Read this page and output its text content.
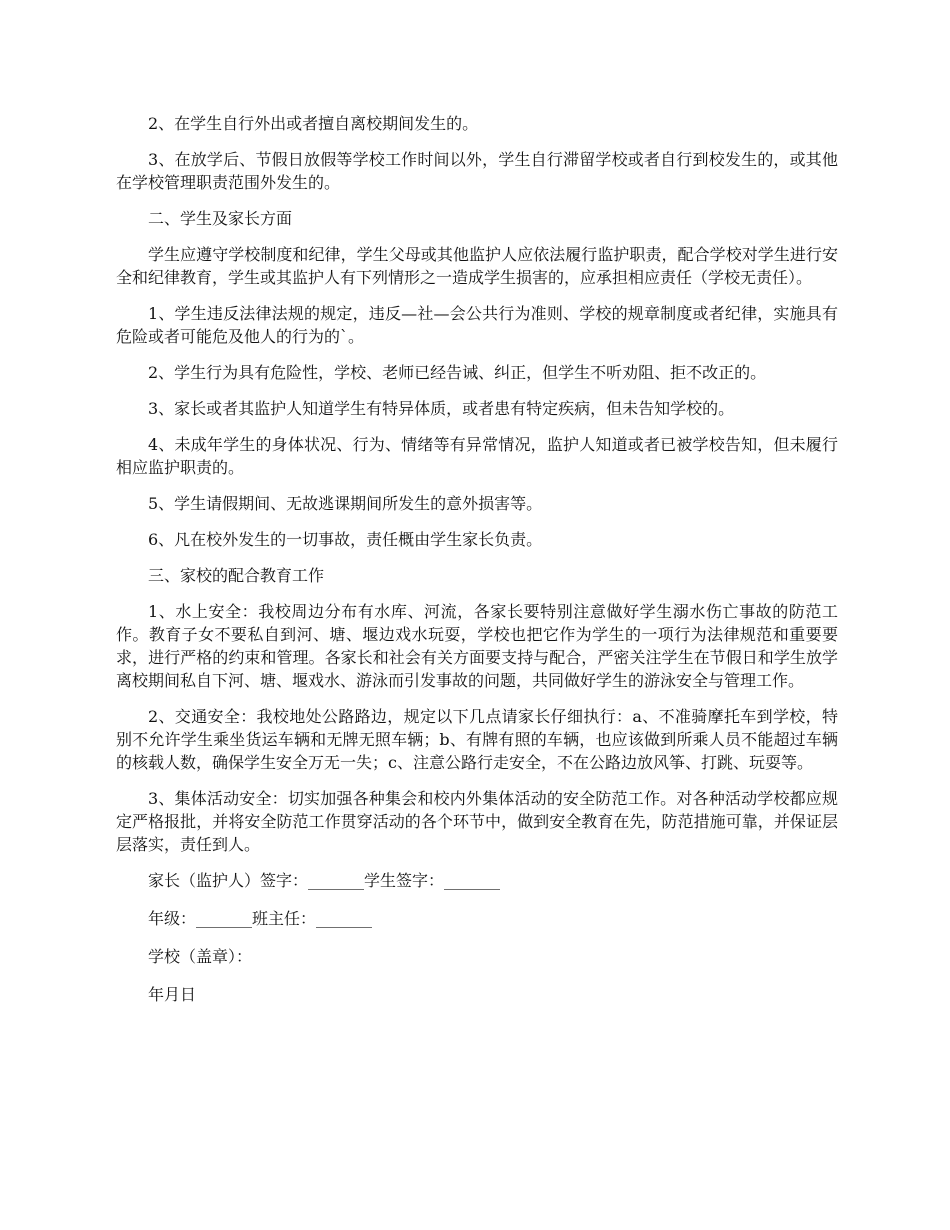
2、在学生自行外出或者擅自离校期间发生的。

3、在放学后、节假日放假等学校工作时间以外，学生自行滞留学校或者自行到校发生的，或其他在学校管理职责范围外发生的。

二、学生及家长方面

学生应遵守学校制度和纪律，学生父母或其他监护人应依法履行监护职责，配合学校对学生进行安全和纪律教育，学生或其监护人有下列情形之一造成学生损害的，应承担相应责任（学校无责任）。

1、学生违反法律法规的规定，违反—社—会公共行为准则、学校的规章制度或者纪律，实施具有危险或者可能危及他人的行为的`。

2、学生行为具有危险性，学校、老师已经告诫、纠正，但学生不听劝阻、拒不改正的。

3、家长或者其监护人知道学生有特异体质，或者患有特定疾病，但未告知学校的。

4、未成年学生的身体状况、行为、情绪等有异常情况，监护人知道或者已被学校告知，但未履行相应监护职责的。

5、学生请假期间、无故逃课期间所发生的意外损害等。

6、凡在校外发生的一切事故，责任概由学生家长负责。

三、家校的配合教育工作

1、水上安全：我校周边分布有水库、河流，各家长要特别注意做好学生溺水伤亡事故的防范工作。教育子女不要私自到河、塘、堰边戏水玩耍，学校也把它作为学生的一项行为法律规范和重要要求，进行严格的约束和管理。各家长和社会有关方面要支持与配合，严密关注学生在节假日和学生放学离校期间私自下河、塘、堰戏水、游泳而引发事故的问题，共同做好学生的游泳安全与管理工作。

2、交通安全：我校地处公路路边，规定以下几点请家长仔细执行：a、不准骑摩托车到学校，特别不允许学生乘坐货运车辆和无牌无照车辆；b、有牌有照的车辆，也应该做到所乘人员不能超过车辆的核载人数，确保学生安全万无一失；c、注意公路行走安全，不在公路边放风筝、打跳、玩耍等。

3、集体活动安全：切实加强各种集会和校内外集体活动的安全防范工作。对各种活动学校都应规定严格报批，并将安全防范工作贯穿活动的各个环节中，做到安全教育在先，防范措施可靠，并保证层层落实，责任到人。

家长（监护人）签字：_______学生签字：_______

年级：_______班主任：_______

学校（盖章）：

年月日
